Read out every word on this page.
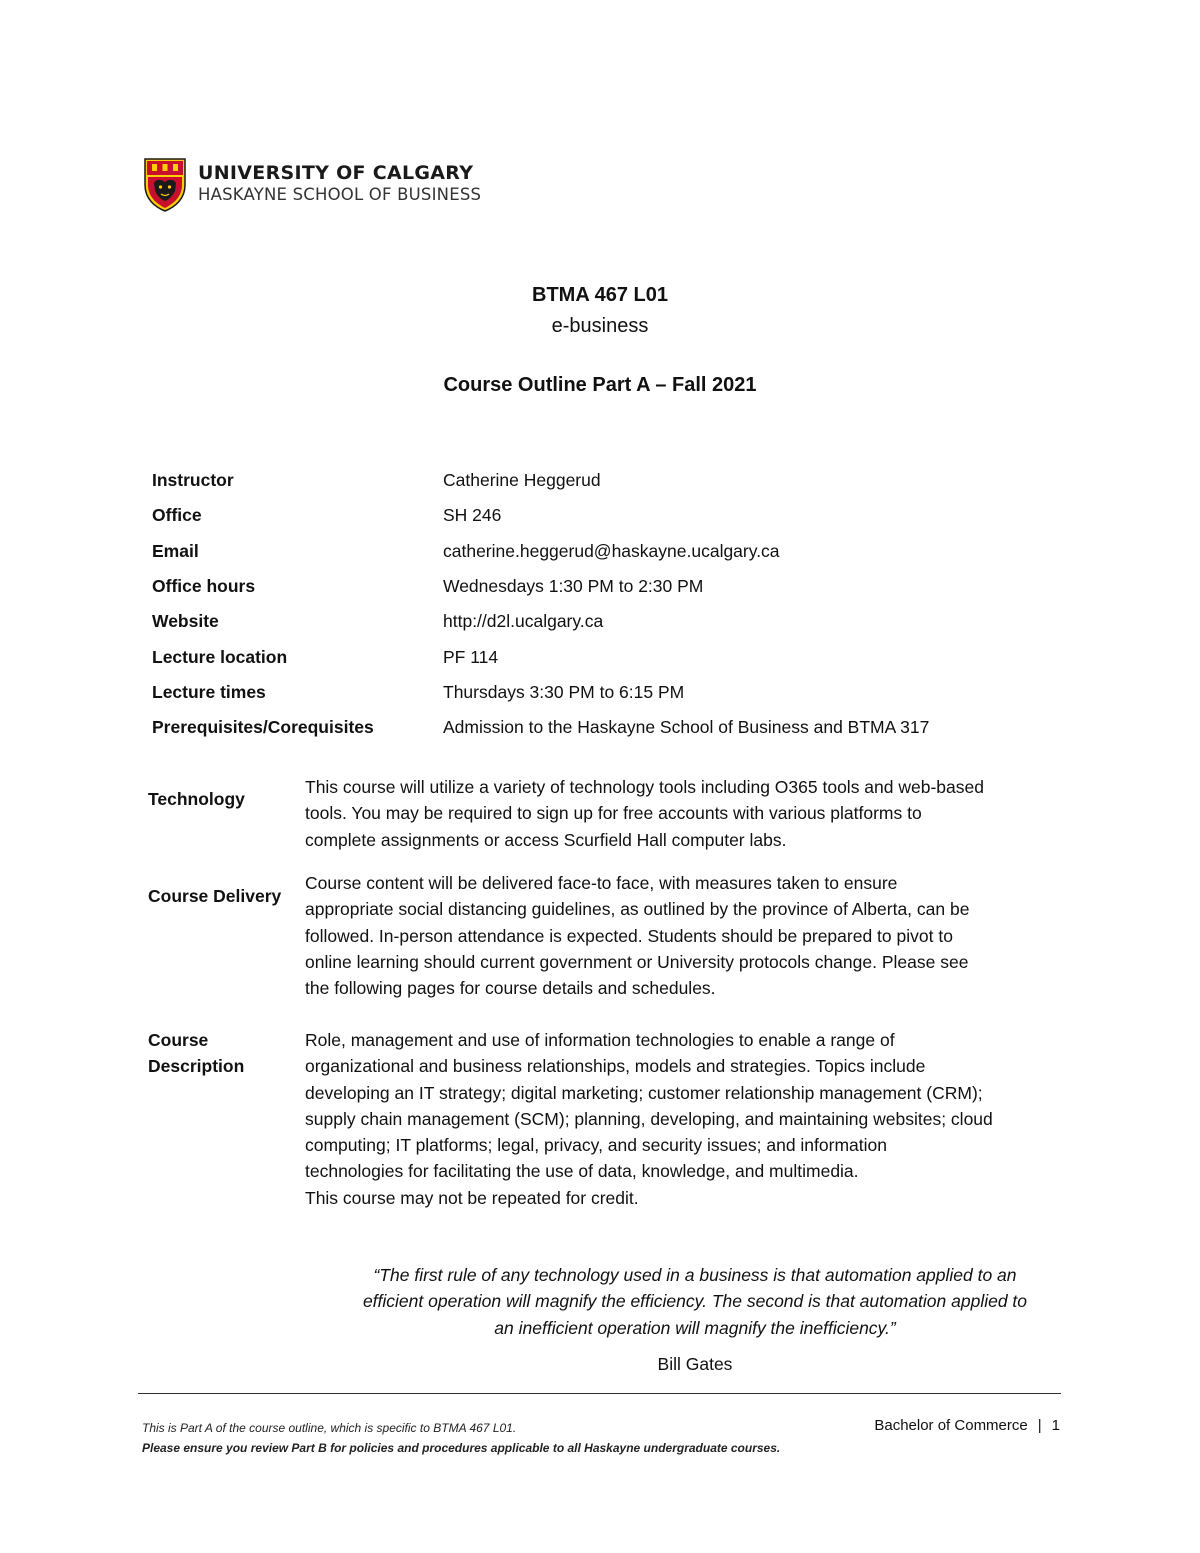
UNIVERSITY OF CALGARY
HASKAYNE SCHOOL OF BUSINESS
BTMA 467 L01
e-business
Course Outline Part A – Fall 2021
Instructor	Catherine Heggerud
Office	SH 246
Email	catherine.heggerud@haskayne.ucalgary.ca
Office hours	Wednesdays 1:30 PM to 2:30 PM
Website	http://d2l.ucalgary.ca
Lecture location	PF 114
Lecture times	Thursdays 3:30 PM to 6:15 PM
Prerequisites/Corequisites	Admission to the Haskayne School of Business and BTMA 317
Technology

This course will utilize a variety of technology tools including O365 tools and web-based

tools. You may be required to sign up for free accounts with various platforms to

complete assignments or access Scurfield Hall computer labs.

Course Delivery

Course content will be delivered face-to face, with measures taken to ensure

appropriate social distancing guidelines, as outlined by the province of Alberta, can be

followed. In-person attendance is expected. Students should be prepared to pivot to

online learning should current government or University protocols change. Please see

the following pages for course details and schedules.

Course
Description

Role, management and use of information technologies to enable a range of

organizational and business relationships, models and strategies. Topics include

developing an IT strategy; digital marketing; customer relationship management (CRM);

supply chain management (SCM); planning, developing, and maintaining websites; cloud

computing; IT platforms; legal, privacy, and security issues; and information

technologies for facilitating the use of data, knowledge, and multimedia.

This course may not be repeated for credit.

“The first rule of any technology used in a business is that automation applied to an
efficient operation will magnify the efficiency. The second is that automation applied to
an inefficient operation will magnify the inefficiency.”
Bill Gates
This is Part A of the course outline, which is specific to BTMA 467 L01.
Please ensure you review Part B for policies and procedures applicable to all Haskayne undergraduate courses.
Bachelor of Commerce | 1
